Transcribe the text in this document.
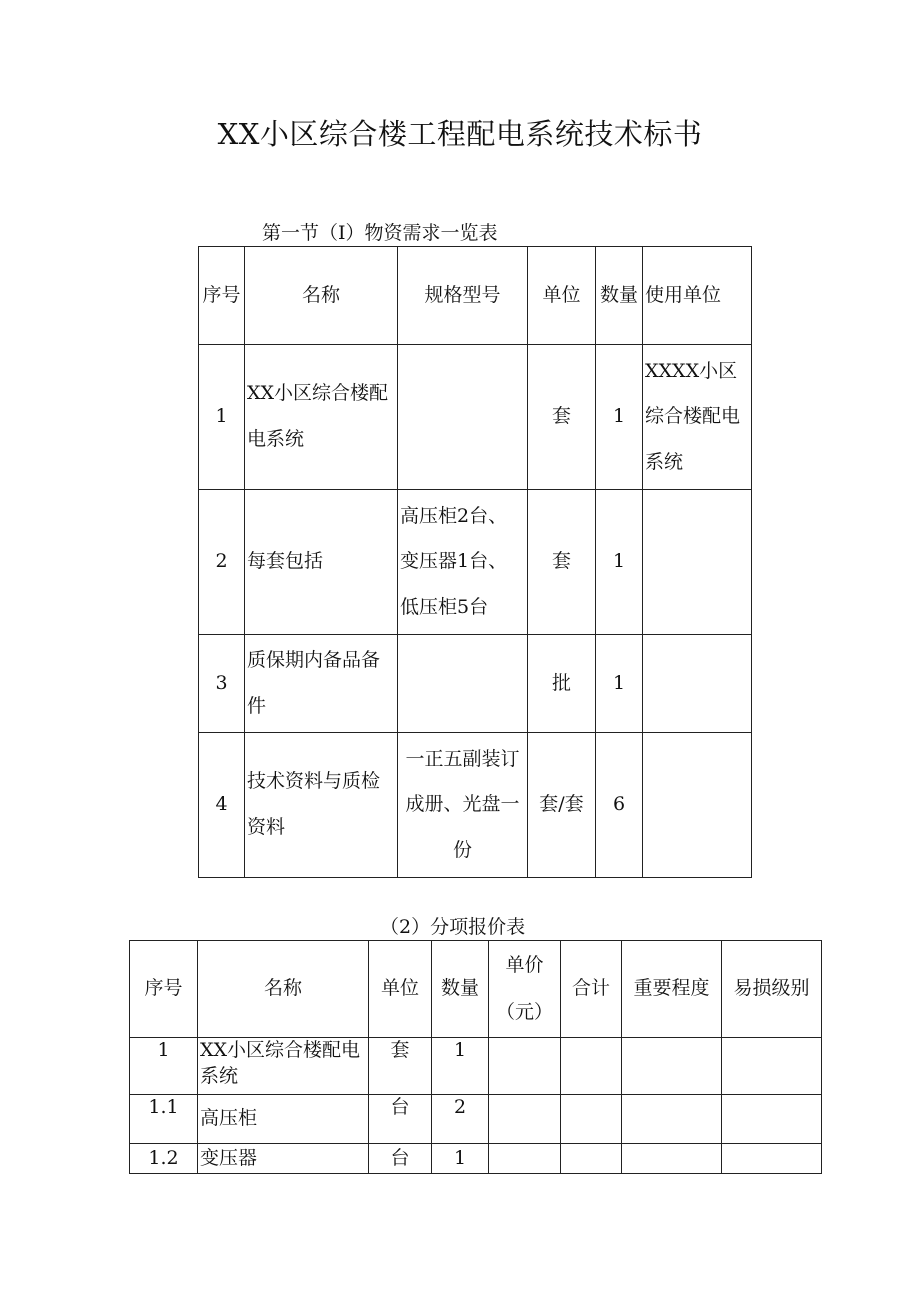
XX小区综合楼工程配电系统技术标书
第一节（I）物资需求一览表
序号	名称	规格型号	单位	数量	使用单位
1	XX小区综合楼配电系统		套	1	XXXX小区综合楼配电系统
2	每套包括	高压柜2台、变压器1台、低压柜5台	套	1	
3	质保期内备品备件		批	1	
4	技术资料与质检资料	一正五副装订成册、光盘一份	套/套	6	
（2）分项报价表
序号	名称	单位	数量	单价（元）	合计	重要程度	易损级别
1	XX小区综合楼配电系统	套	1				
1.1	高压柜	台	2				
1.2	变压器	台	1				
